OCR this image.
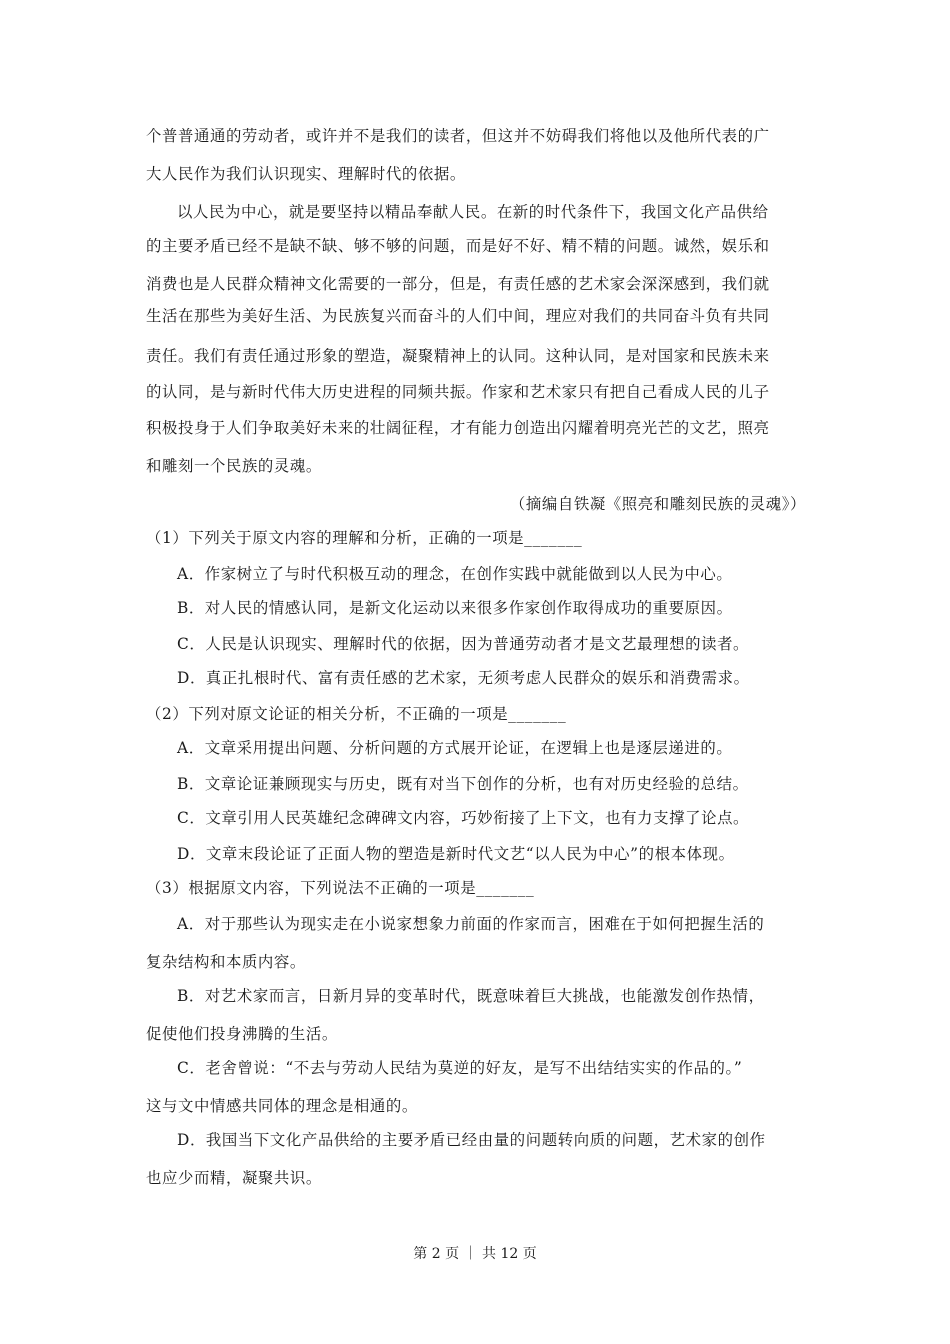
个普普通通的劳动者，或许并不是我们的读者，但这并不妨碍我们将他以及他所代表的广
大人民作为我们认识现实、理解时代的依据。
以人民为中心，就是要坚持以精品奉献人民。在新的时代条件下，我国文化产品供给
的主要矛盾已经不是缺不缺、够不够的问题，而是好不好、精不精的问题。诚然，娱乐和
消费也是人民群众精神文化需要的一部分，但是，有责任感的艺术家会深深感到，我们就
生活在那些为美好生活、为民族复兴而奋斗的人们中间，理应对我们的共同奋斗负有共同
责任。我们有责任通过形象的塑造，凝聚精神上的认同。这种认同，是对国家和民族未来
的认同，是与新时代伟大历史进程的同频共振。作家和艺术家只有把自己看成人民的儿子
积极投身于人们争取美好未来的壮阔征程，才有能力创造出闪耀着明亮光芒的文艺，照亮
和雕刻一个民族的灵魂。
（摘编自铁凝《照亮和雕刻民族的灵魂》）
（1）下列关于原文内容的理解和分析，正确的一项是_______
A．作家树立了与时代积极互动的理念，在创作实践中就能做到以人民为中心。
B．对人民的情感认同，是新文化运动以来很多作家创作取得成功的重要原因。
C．人民是认识现实、理解时代的依据，因为普通劳动者才是文艺最理想的读者。
D．真正扎根时代、富有责任感的艺术家，无须考虑人民群众的娱乐和消费需求。
（2）下列对原文论证的相关分析，不正确的一项是_______
A．文章采用提出问题、分析问题的方式展开论证，在逻辑上也是逐层递进的。
B．文章论证兼顾现实与历史，既有对当下创作的分析，也有对历史经验的总结。
C．文章引用人民英雄纪念碑碑文内容，巧妙衔接了上下文，也有力支撑了论点。
D．文章末段论证了正面人物的塑造是新时代文艺“以人民为中心”的根本体现。
（3）根据原文内容，下列说法不正确的一项是_______
A．对于那些认为现实走在小说家想象力前面的作家而言，困难在于如何把握生活的
复杂结构和本质内容。
B．对艺术家而言，日新月异的变革时代，既意味着巨大挑战，也能激发创作热情，
促使他们投身沸腾的生活。
C．老舍曾说：“不去与劳动人民结为莫逆的好友，是写不出结结实实的作品的。”
这与文中情感共同体的理念是相通的。
D．我国当下文化产品供给的主要矛盾已经由量的问题转向质的问题，艺术家的创作
也应少而精，凝聚共识。
第 2 页 ｜ 共 12 页
